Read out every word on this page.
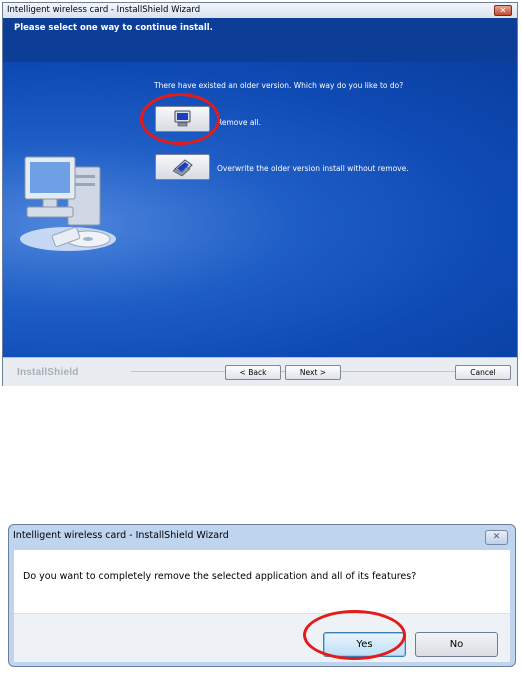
Intelligent wireless card - InstallShield Wizard	✕
Please select one way to continue install.
There have existed an older version. Which way do you like to do?
Remove all.
Overwrite the older version install without remove.
InstallShield	< Back	Next >	Cancel
Intelligent wireless card - InstallShield Wizard	✕
Do you want to completely remove the selected application and all of its features?
Yes	No
